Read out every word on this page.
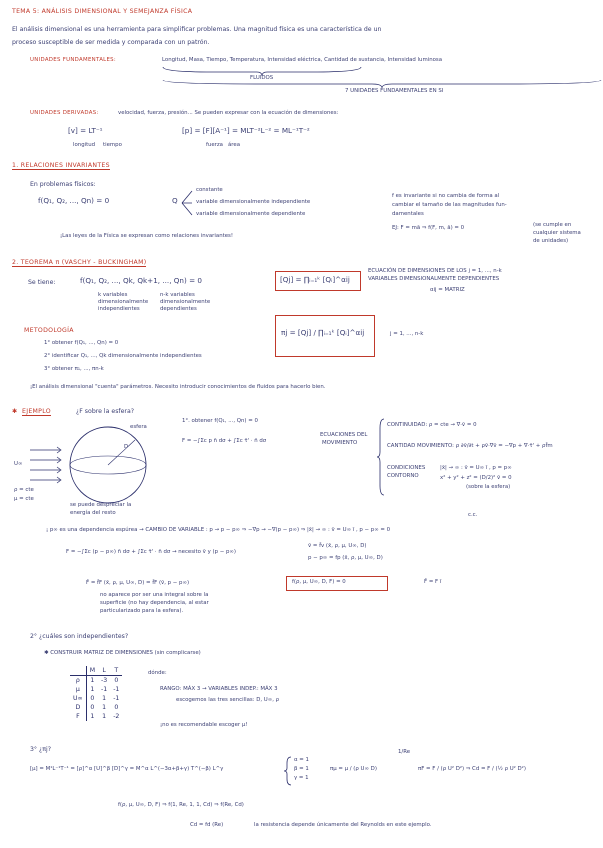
TEMA 5: ANÁLISIS DIMENSIONAL Y SEMEJANZA FÍSICA
El análisis dimensional es una herramienta para simplificar problemas. Una magnitud física es una característica de un
proceso susceptible de ser medida y comparada con un patrón.
UNIDADES FUNDAMENTALES:	Longitud, Masa, Tiempo, Temperatura, Intensidad eléctrica, Cantidad de sustancia, Intensidad luminosa
FLUIDOS
7 UNIDADES FUNDAMENTALES EN SI
UNIDADES DERIVADAS:	velocidad, fuerza, presión... Se pueden expresar con la ecuación de dimensiones:
[v] = LT⁻¹
longitud tiempo
[p] = [F][A⁻¹] = MLT⁻²L⁻² = ML⁻¹T⁻²
fuerza área
1. RELACIONES INVARIANTES
En problemas físicos:
f(Q₁, Q₂, ..., Qn) = 0	Q
constante
variable dimensionalmente independiente
variable dimensionalmente dependiente
f es invariante si no cambia de forma al
cambiar el tamaño de las magnitudes fun-
damentales
EJ: F = mā ⇒ f(F, m, ā) = 0	(se cumple en
cualquier sistema
de unidades)
¡Las leyes de la Física se expresan como relaciones invariantes!
2. TEOREMA π (VASCHY - BUCKINGHAM)
Se tiene:	f(Q₁, Q₂, ..., Qk, Qk+1, ..., Qn) = 0
k variables
dimensionalmente
independientes
n-k variables
dimensionalmente
dependientes
[Qj] = ∏ᵢ₌₁ᵏ [Qᵢ]^αij
ECUACIÓN DE DIMENSIONES DE LOS j = 1, ..., n-k
VARIABLES DIMENSIONALMENTE DEPENDIENTES
αij = MATRIZ
METODOLOGÍA
1° obtener f(Q₁, ..., Qn) = 0
2° identificar Q₁, ..., Qk dimensionalmente independientes
3° obtener π₁, ..., πn-k
πj = [Qj] / ∏ᵢ₌₁ᵏ [Qᵢ]^αij	j = 1, ..., n-k
¡El análisis dimensional "cuenta" parámetros. Necesito introducir conocimientos de fluidos para hacerlo bien.
✱ EJEMPLO	¿F sobre la esfera?
esfera
D
U∞
ρ = cte
μ = cte
se puede despreciar la
energía del resto
1°. obtener f(Q₁, ..., Qn) = 0
F = −∫Σc p n̄ dσ + ∫Σc τ̄' · n̄ dσ
ECUACIONES DEL
MOVIMIENTO
CONTINUIDAD: ρ = cte → ∇·v̄ = 0
CANTIDAD MOVIMIENTO: ρ ∂v̄/∂t + ρv̄·∇v̄ = −∇p + ∇·τ̄' + ρf̄m
CONDICIONES
CONTORNO
|x̄| → ∞ : v̄ = U∞ ī , p = p∞
x² + y² + z² = (D/2)² v̄ = 0
(sobre la esfera)
c.c.
¡ p∞ es una dependencia espúrea → CAMBIO DE VARIABLE : p → p − p∞ ⇒ −∇p → −∇(p − p∞) ⇒ |x̄| → ∞ : v̄ = U∞ ī , p − p∞ = 0
F = −∫Σc (p − p∞) n̄ dσ + ∫Σc τ̄' · n̄ dσ → necesito v̄ y (p − p∞)
v̄ = f̄v (x̄, ρ, μ, U∞, D)
p − p∞ = fp (x̄, ρ, μ, U∞, D)
F̄ = f̄F (x̄, ρ, μ, U∞, D) = f̄F (v̄, p − p∞)
no aparece por ser una integral sobre la
superficie (no hay dependencia, al estar
particularizado para la esfera).
f(ρ, μ, U∞, D, F) = 0	F̄ = F ī
2° ¿cuáles son independientes?
✱ CONSTRUIR MATRIZ DE DIMENSIONES (sin complicarse)
	M	L	T
ρ	1	-3	0
μ	1	-1	-1
U∞	0	1	-1
D	0	1	0
F	1	1	-2
dónde:
RANGO: MÁX 3 → VARIABLES INDEP.: MÁX 3
escogemos las tres sencillas: D, U∞, ρ
¡no es recomendable escoger μ!
3° ¿πj?
[μ] = M¹L⁻¹T⁻¹ = [ρ]^α [U]^β [D]^γ = M^α L^(−3α+β+γ) T^(−β) L^γ
α = 1
β = 1
γ = 1
πμ = μ / (ρ U∞ D)
1/Re
πF = F / (ρ U² D²) ⇒ Cd = F / (½ ρ U² D²)
f(ρ, μ, U∞, D, F) ⇒ f(1, Re, 1, 1, Cd) ⇒ f(Re, Cd)
Cd = fd (Re)	la resistencia depende únicamente del Reynolds en este ejemplo.
